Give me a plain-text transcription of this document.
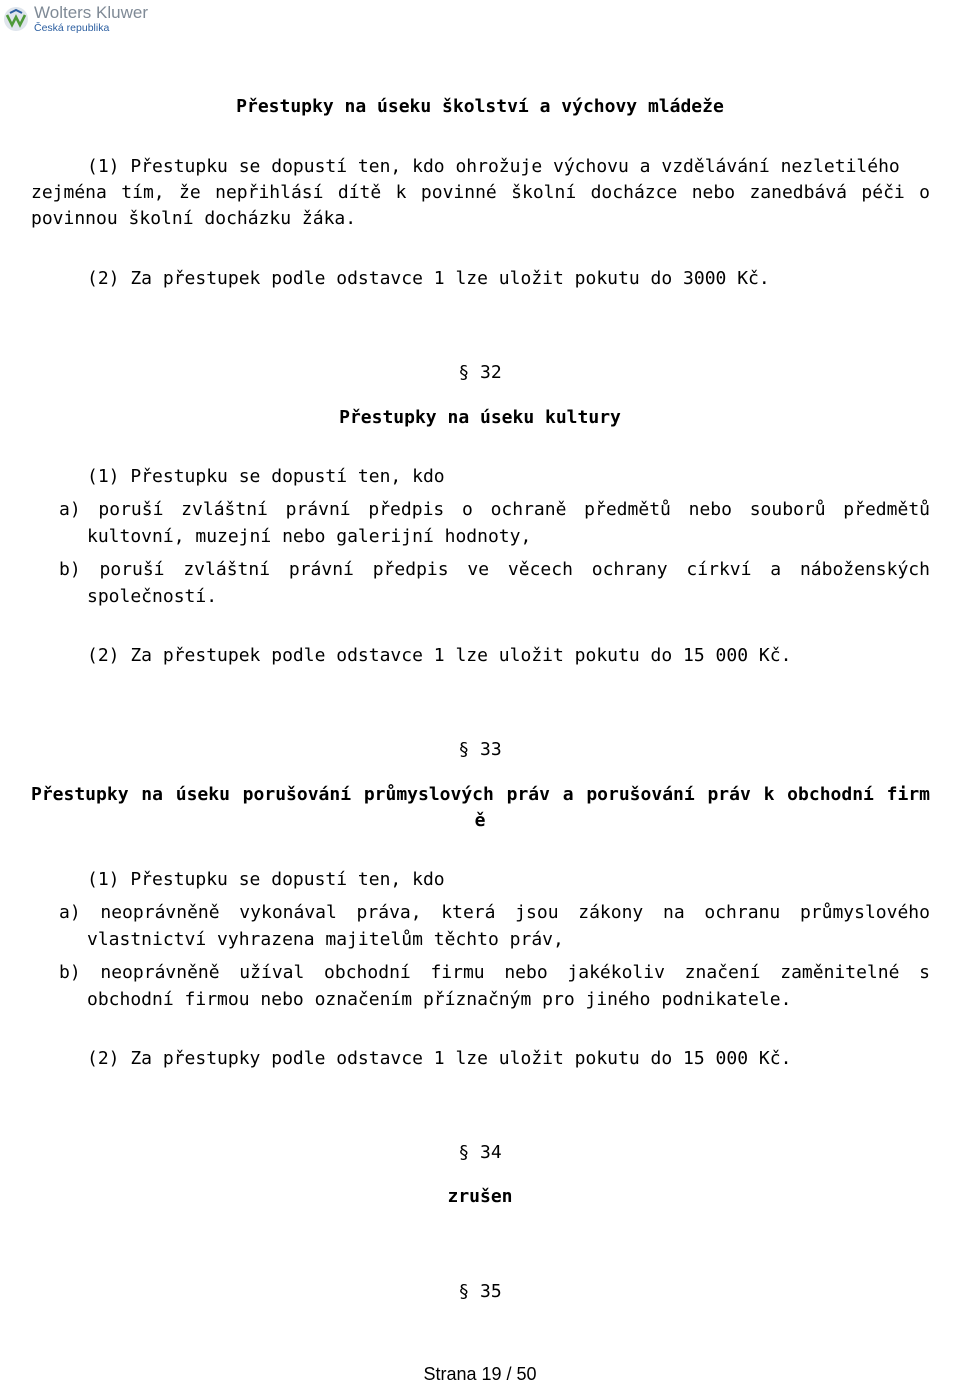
Wolters Kluwer
Česká republika
Přestupky na úseku školství a výchovy mládeže
(1) Přestupku se dopustí ten, kdo ohrožuje výchovu a vzdělávání nezletilého
zejména tím, že nepřihlásí dítě k povinné školní docházce nebo zanedbává péči o
povinnou školní docházku žáka.
(2) Za přestupek podle odstavce 1 lze uložit pokutu do 3000 Kč.
§ 32
Přestupky na úseku kultury
(1) Přestupku se dopustí ten, kdo
a) poruší zvláštní právní předpis o ochraně předmětů nebo souborů předmětů
kultovní, muzejní nebo galerijní hodnoty,
b) poruší zvláštní právní předpis ve věcech ochrany církví a náboženských
společností.
(2) Za přestupek podle odstavce 1 lze uložit pokutu do 15 000 Kč.
§ 33
Přestupky na úseku porušování průmyslových práv a porušování práv k obchodní firm
ě
(1) Přestupku se dopustí ten, kdo
a) neoprávněně vykonával práva, která jsou zákony na ochranu průmyslového
vlastnictví vyhrazena majitelům těchto práv,
b) neoprávněně užíval obchodní firmu nebo jakékoliv značení zaměnitelné s
obchodní firmou nebo označením příznačným pro jiného podnikatele.
(2) Za přestupky podle odstavce 1 lze uložit pokutu do 15 000 Kč.
§ 34
zrušen
§ 35
Strana 19 / 50
